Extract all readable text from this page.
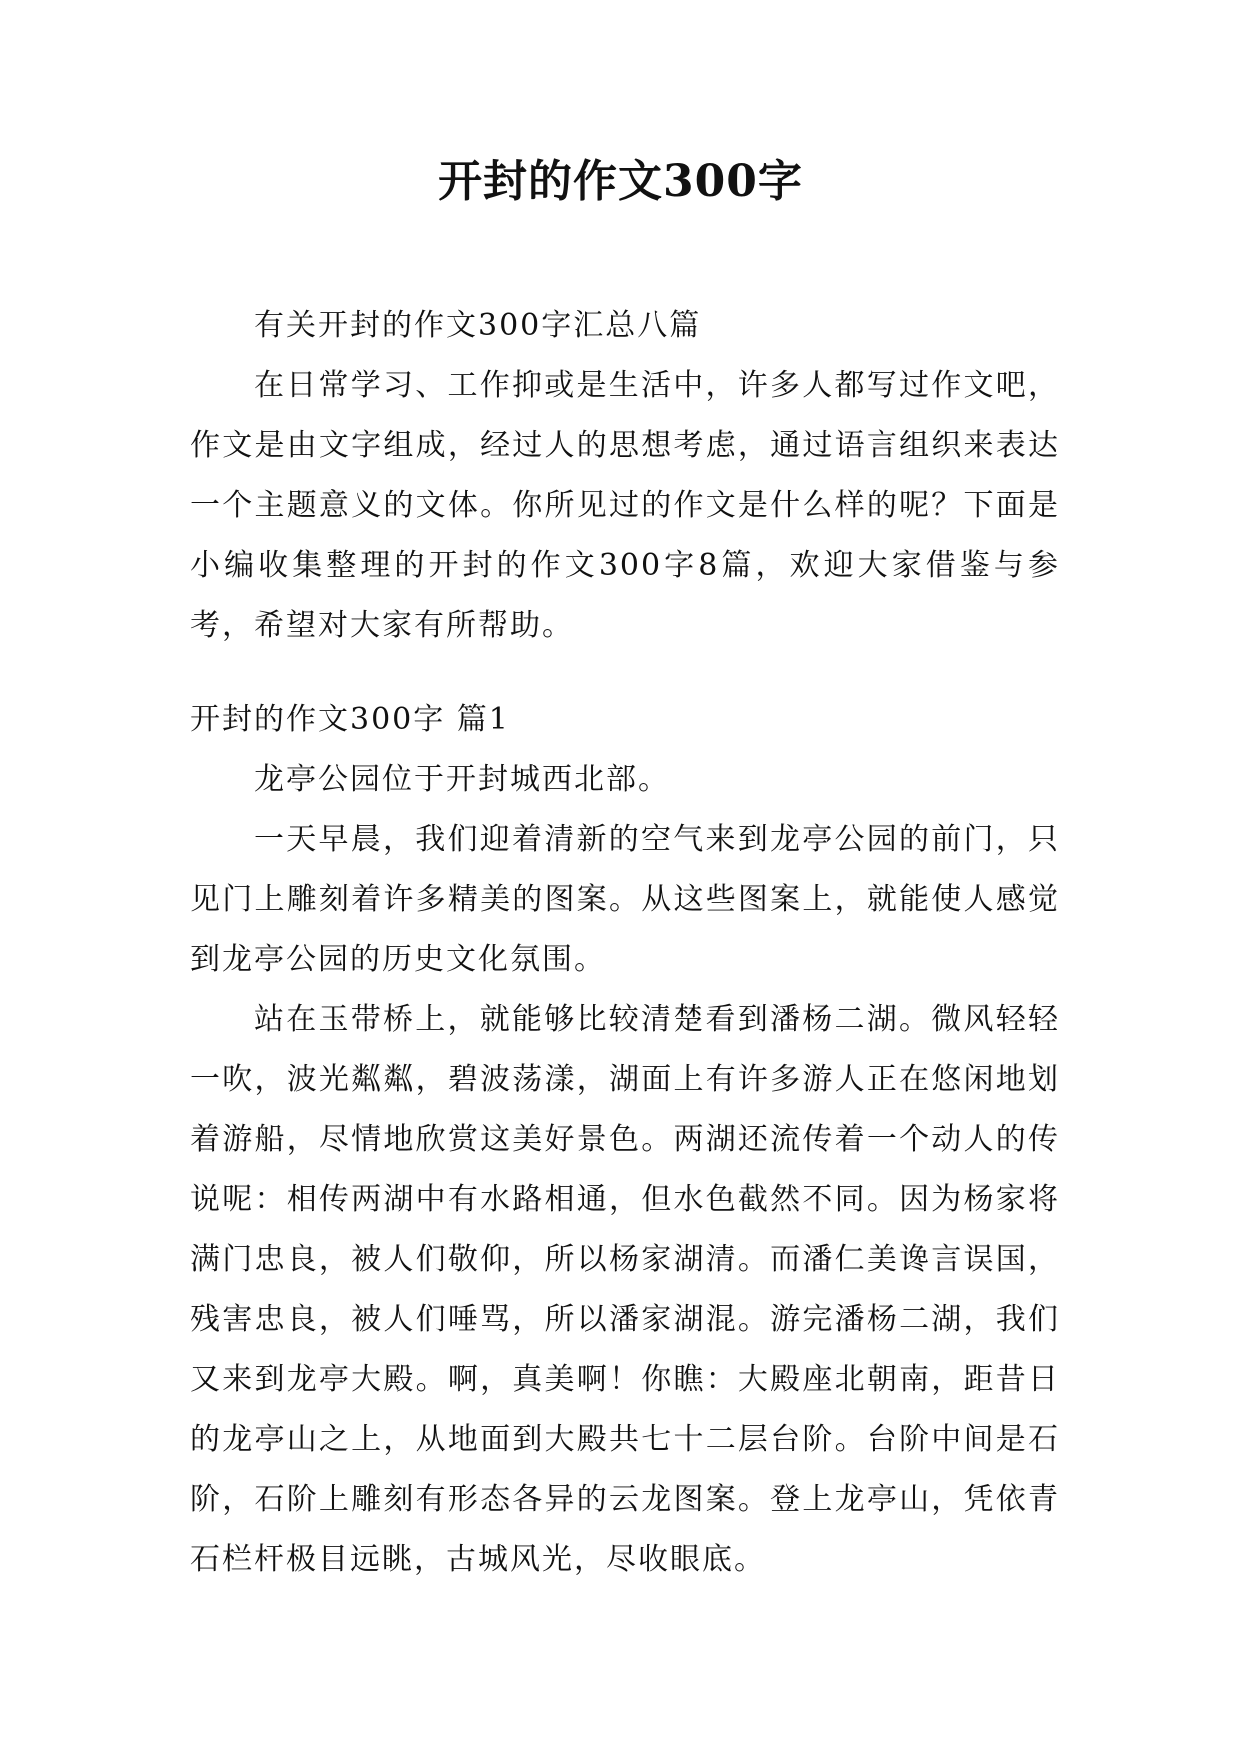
开封的作文300字

有关开封的作文300字汇总八篇

在日常学习、工作抑或是生活中，许多人都写过作文吧，作文是由文字组成，经过人的思想考虑，通过语言组织来表达一个主题意义的文体。你所见过的作文是什么样的呢？下面是小编收集整理的开封的作文300字8篇，欢迎大家借鉴与参考，希望对大家有所帮助。

开封的作文300字 篇1

龙亭公园位于开封城西北部。

一天早晨，我们迎着清新的空气来到龙亭公园的前门，只见门上雕刻着许多精美的图案。从这些图案上，就能使人感觉到龙亭公园的历史文化氛围。

站在玉带桥上，就能够比较清楚看到潘杨二湖。微风轻轻一吹，波光粼粼，碧波荡漾，湖面上有许多游人正在悠闲地划着游船，尽情地欣赏这美好景色。两湖还流传着一个动人的传说呢：相传两湖中有水路相通，但水色截然不同。因为杨家将满门忠良，被人们敬仰，所以杨家湖清。而潘仁美谗言误国，残害忠良，被人们唾骂，所以潘家湖混。游完潘杨二湖，我们又来到龙亭大殿。啊，真美啊！你瞧：大殿座北朝南，距昔日的龙亭山之上，从地面到大殿共七十二层台阶。台阶中间是石阶，石阶上雕刻有形态各异的云龙图案。登上龙亭山，凭依青石栏杆极目远眺，古城风光，尽收眼底。
